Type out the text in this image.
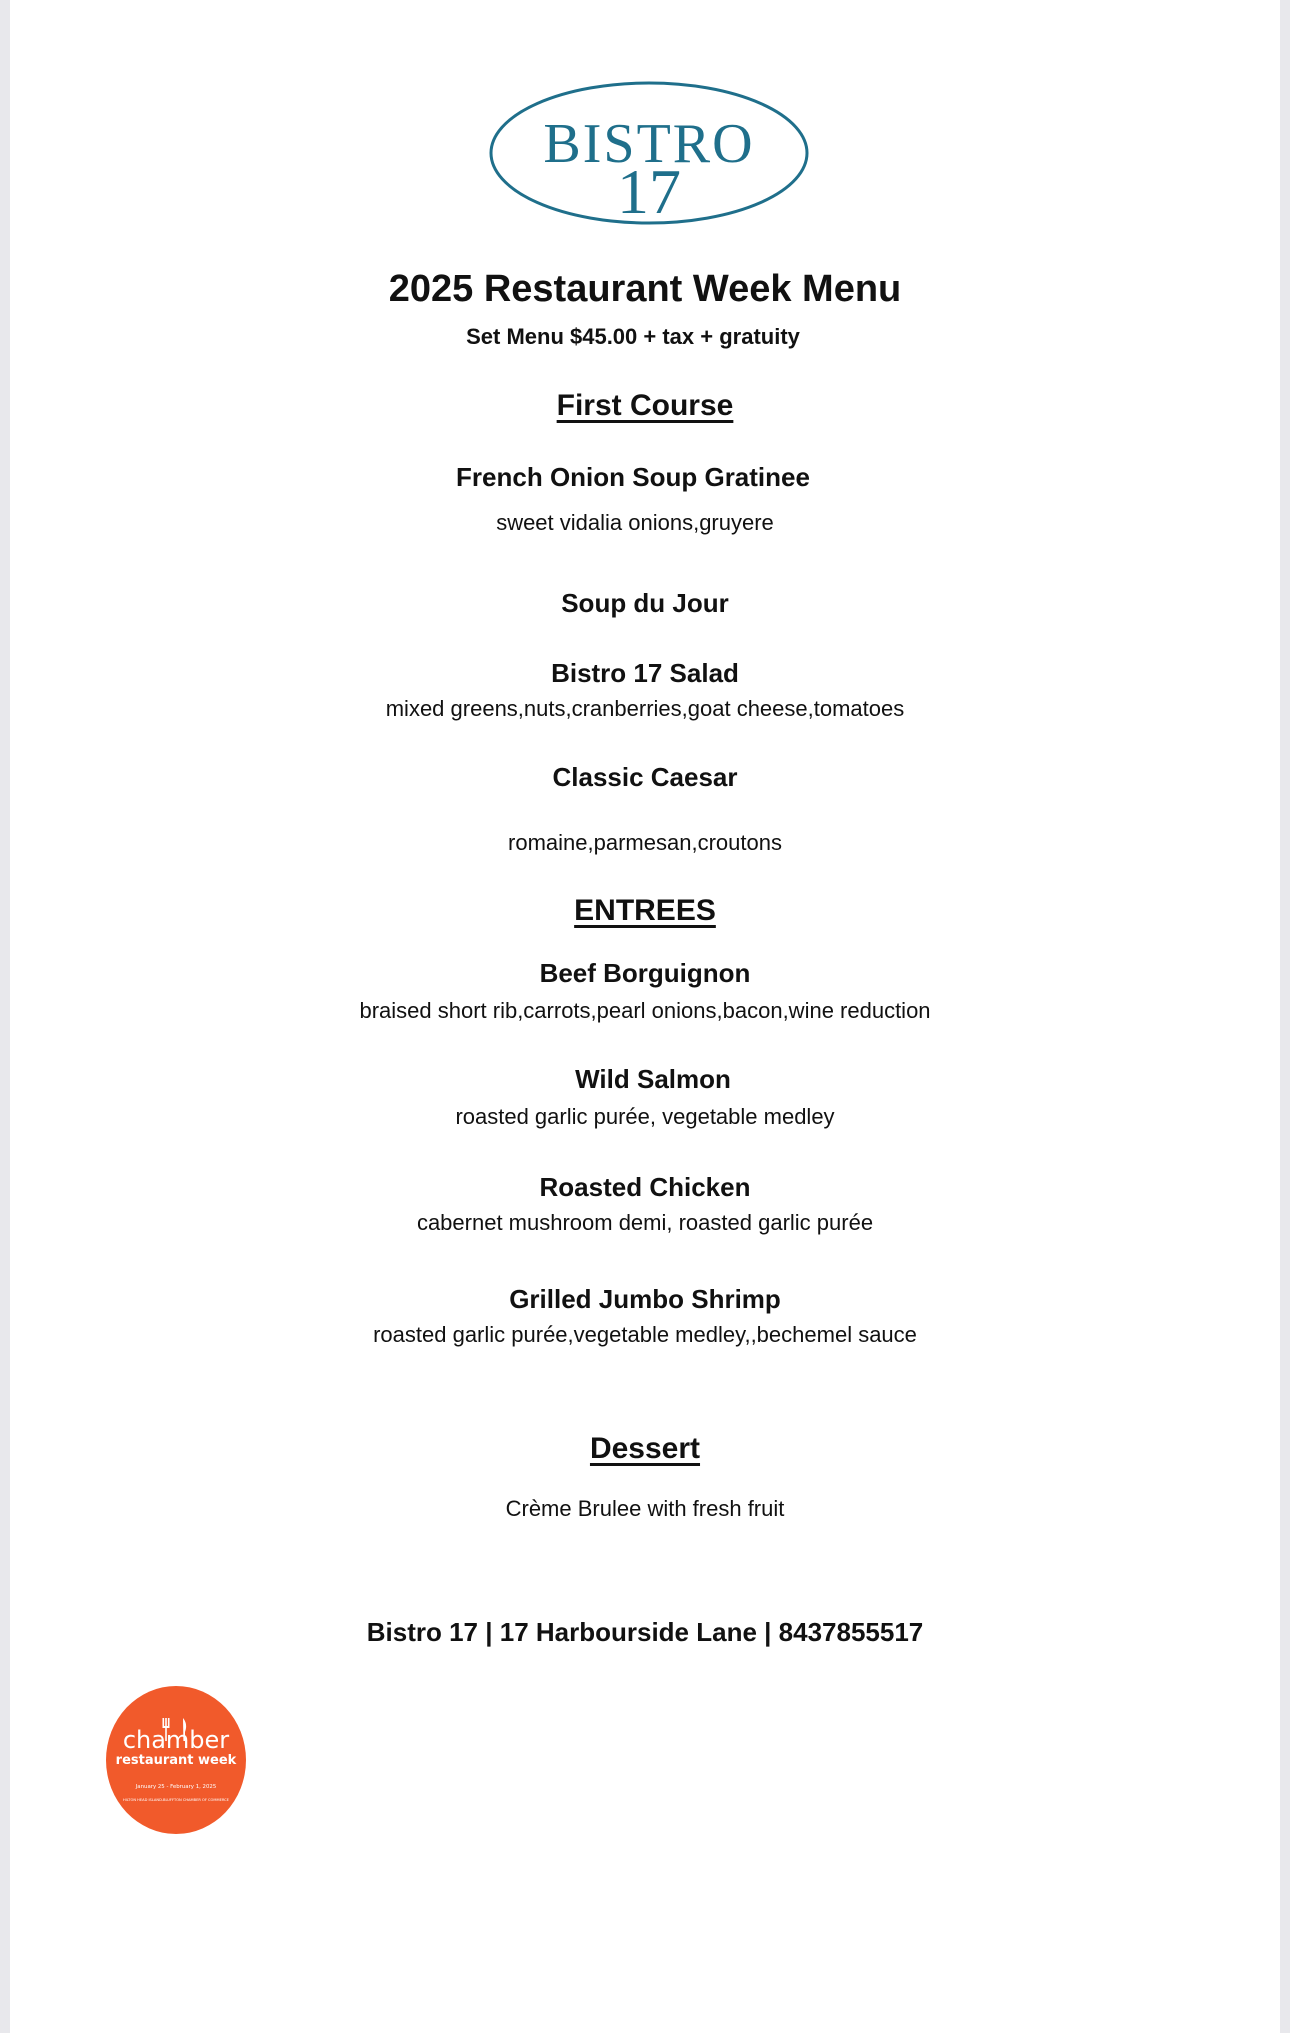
BISTRO
17
2025 Restaurant Week Menu
Set Menu $45.00 + tax + gratuity
First Course
French Onion Soup Gratinee
sweet vidalia onions,gruyere
Soup du Jour
Bistro 17 Salad
mixed greens,nuts,cranberries,goat cheese,tomatoes
Classic Caesar
romaine,parmesan,croutons
ENTREES
Beef Borguignon
braised short rib,carrots,pearl onions,bacon,wine reduction
Wild Salmon
roasted garlic purée, vegetable medley
Roasted Chicken
cabernet mushroom demi, roasted garlic purée
Grilled Jumbo Shrimp
roasted garlic purée,vegetable medley,,bechemel sauce
Dessert
Crème Brulee with fresh fruit
Bistro 17 | 17 Harbourside Lane | 8437855517
chamber
restaurant week
January 25 - February 1, 2025
HILTON HEAD ISLAND-BLUFFTON CHAMBER OF COMMERCE
